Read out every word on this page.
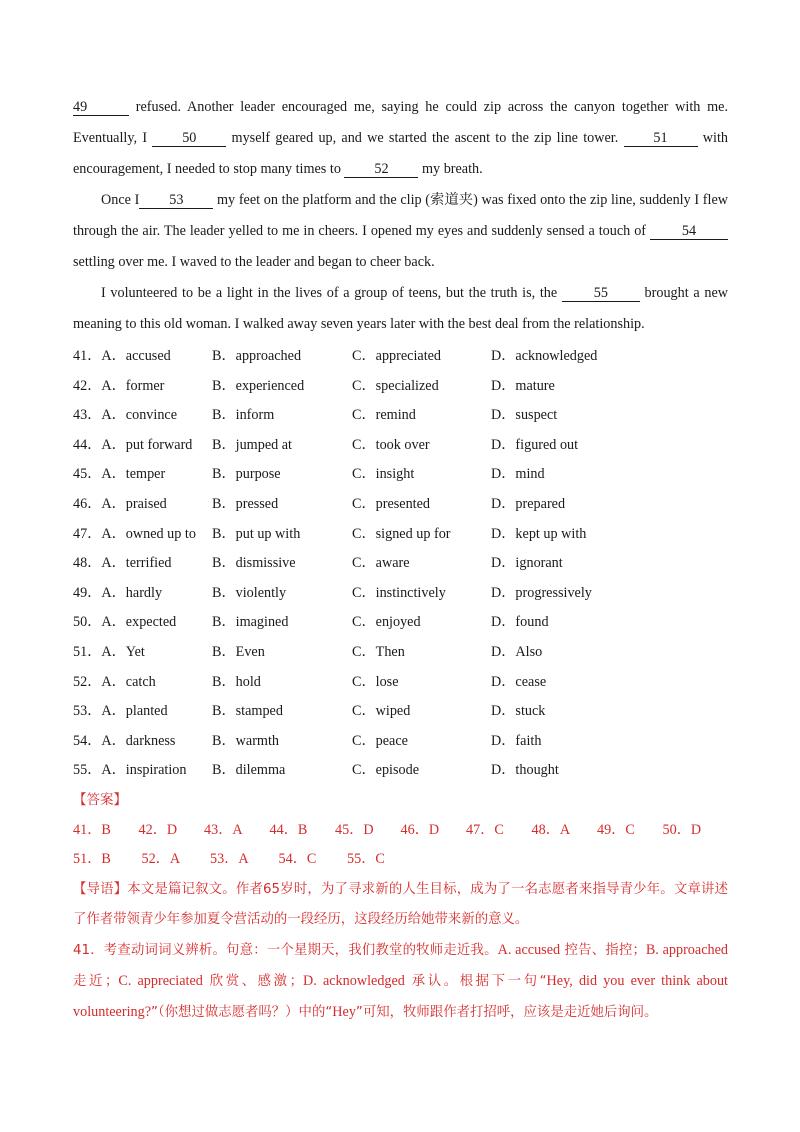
49	refused. Another leader encouraged me, saying he could zip across the canyon together with me. Eventually, I 50 myself geared up, and we started the ascent to the zip line tower. 51 with encouragement, I needed to stop many times to 52 my breath.

Once I 53 my feet on the platform and the clip (索道夹) was fixed onto the zip line, suddenly I flew through the air. The leader yelled to me in cheers. I opened my eyes and suddenly sensed a touch of 54 settling over me. I waved to the leader and began to cheer back.

I volunteered to be a light in the lives of a group of teens, but the truth is, the 55 brought a new meaning to this old woman. I walked away seven years later with the best deal from the relationship.

41．A．accused	B．approached	C．appreciated	D．acknowledged
42．A．former	B．experienced	C．specialized	D．mature
43．A．convince	B．inform	C．remind	D．suspect
44．A．put forward	B．jumped at	C．took over	D．figured out
45．A．temper	B．purpose	C．insight	D．mind
46．A．praised	B．pressed	C．presented	D．prepared
47．A．owned up to	B．put up with	C．signed up for	D．kept up with
48．A．terrified	B．dismissive	C．aware	D．ignorant
49．A．hardly	B．violently	C．instinctively	D．progressively
50．A．expected	B．imagined	C．enjoyed	D．found
51．A．Yet	B．Even	C．Then	D．Also
52．A．catch	B．hold	C．lose	D．cease
53．A．planted	B．stamped	C．wiped	D．stuck
54．A．darkness	B．warmth	C．peace	D．faith
55．A．inspiration	B．dilemma	C．episode	D．thought
【答案】
41．B	42．D	43．A	44．B	45．D	46．D	47．C	48．A	49．C	50．D
51．B	52．A	53．A	54．C	55．C

【导语】本文是篇记叙文。作者65岁时，为了寻求新的人生目标，成为了一名志愿者来指导青少年。文章讲述了作者带领青少年参加夏令营活动的一段经历，这段经历给她带来新的意义。

41．考查动词词义辨析。句意：一个星期天，我们教堂的牧师走近我。A. accused 控告、指控；B. approached 走近；C. appreciated 欣赏、感激；D. acknowledged 承认。根据下一句“Hey, did you ever think about volunteering?”（你想过做志愿者吗？）中的“Hey”可知，牧师跟作者打招呼，应该是走近她后询问。
